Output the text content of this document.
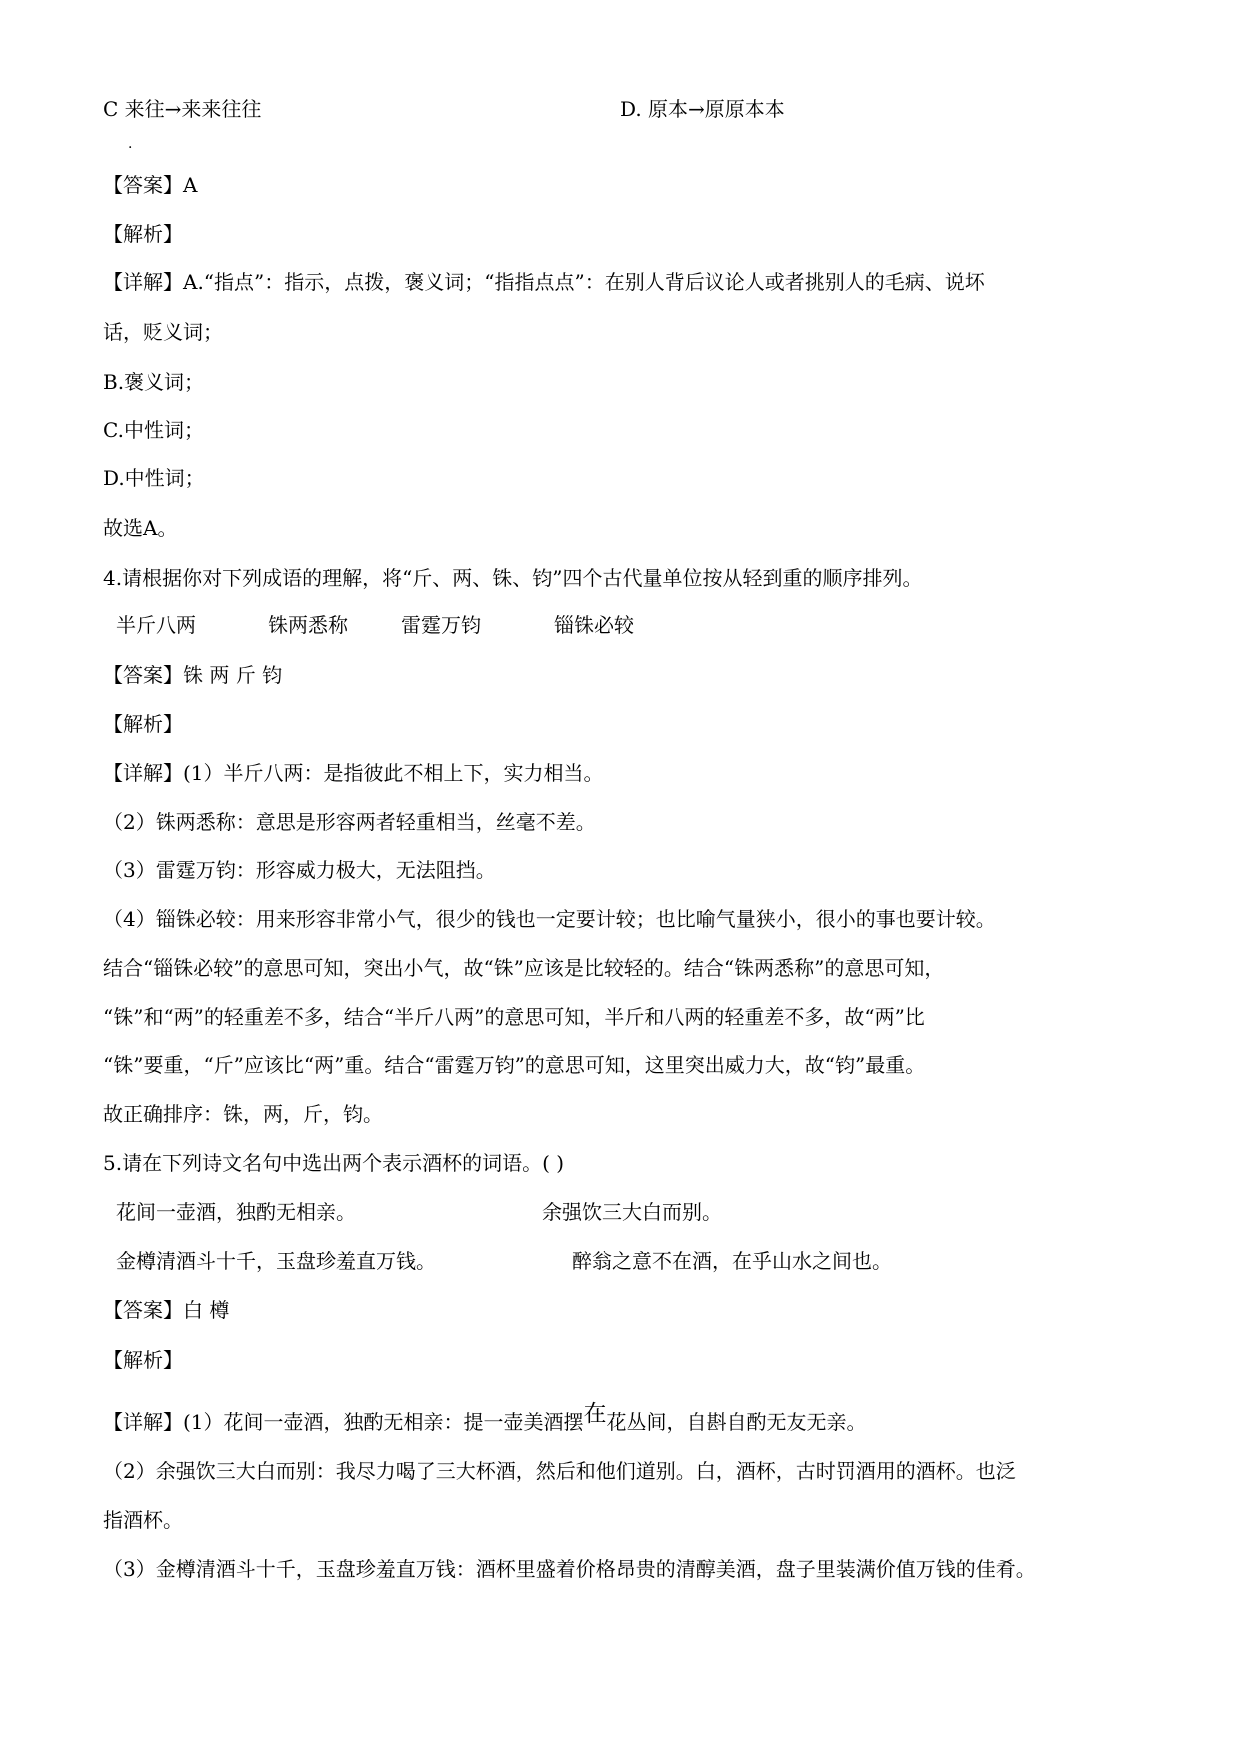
C 来往→来来往往
·
D. 原本→原原本本
【答案】A
【解析】
【详解】A.“指点”：指示，点拨，褒义词；“指指点点”：在别人背后议论人或者挑别人的毛病、说坏
话，贬义词；
B.褒义词；
C.中性词；
D.中性词；
故选A。
4.请根据你对下列成语的理解，将“斤、两、铢、钧”四个古代量单位按从轻到重的顺序排列。
半斤八两	铢两悉称	雷霆万钧	锱铢必较
【答案】铢 两 斤 钧
【解析】
【详解】(1）半斤八两：是指彼此不相上下，实力相当。
（2）铢两悉称：意思是形容两者轻重相当，丝毫不差。
（3）雷霆万钧：形容威力极大，无法阻挡。
（4）锱铢必较：用来形容非常小气，很少的钱也一定要计较；也比喻气量狭小，很小的事也要计较。
结合“锱铢必较”的意思可知，突出小气，故“铢”应该是比较轻的。结合“铢两悉称”的意思可知，
“铢”和“两”的轻重差不多，结合“半斤八两”的意思可知，半斤和八两的轻重差不多，故“两”比
“铢”要重，“斤”应该比“两”重。结合“雷霆万钧”的意思可知，这里突出威力大，故“钧”最重。
故正确排序：铢，两，斤，钧。
5.请在下列诗文名句中选出两个表示酒杯的词语。( )
花间一壶酒，独酌无相亲。	余强饮三大白而别。
金樽清酒斗十千，玉盘珍羞直万钱。	醉翁之意不在酒，在乎山水之间也。
【答案】白 樽
【解析】
【详解】(1）花间一壶酒，独酌无相亲：提一壶美酒摆在花丛间，自斟自酌无友无亲。
（2）余强饮三大白而别：我尽力喝了三大杯酒，然后和他们道别。白，酒杯，古时罚酒用的酒杯。也泛
指酒杯。
（3）金樽清酒斗十千，玉盘珍羞直万钱：酒杯里盛着价格昂贵的清醇美酒，盘子里装满价值万钱的佳肴。
